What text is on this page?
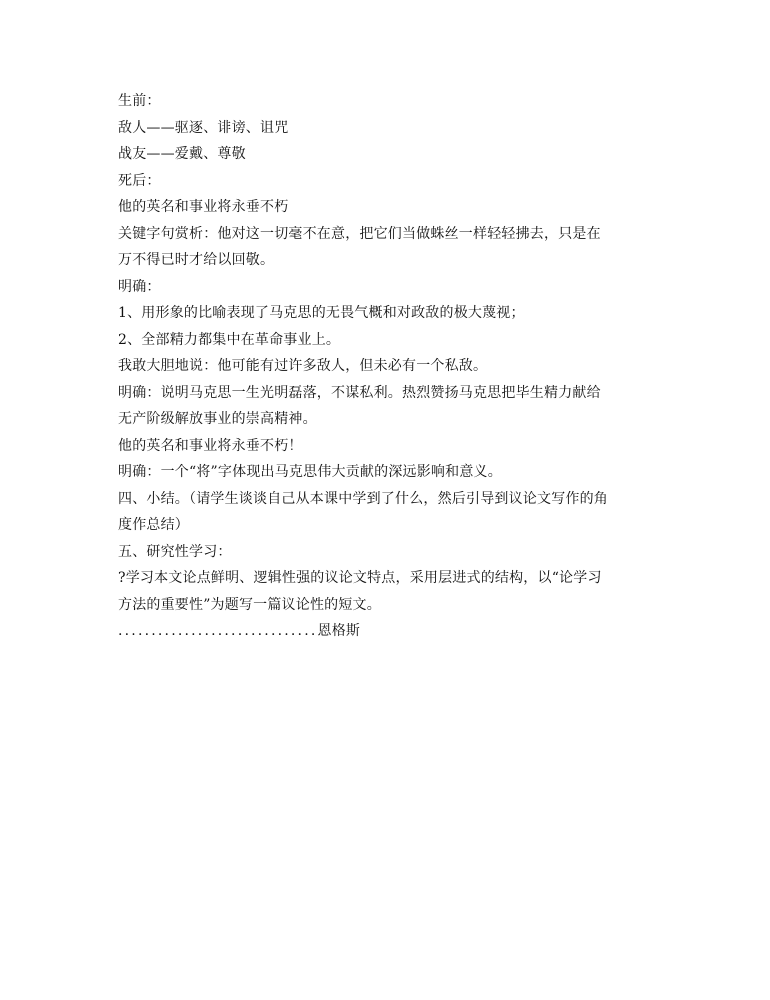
生前：
敌人——驱逐、诽谤、诅咒
战友——爱戴、尊敬
死后：
他的英名和事业将永垂不朽
关键字句赏析：他对这一切毫不在意，把它们当做蛛丝一样轻轻拂去，只是在
万不得已时才给以回敬。
明确：
1、用形象的比喻表现了马克思的无畏气概和对政敌的极大蔑视；
2、全部精力都集中在革命事业上。
我敢大胆地说：他可能有过许多敌人，但未必有一个私敌。
明确：说明马克思一生光明磊落，不谋私利。热烈赞扬马克思把毕生精力献给
无产阶级解放事业的崇高精神。
他的英名和事业将永垂不朽！
明确：一个“将”字体现出马克思伟大贡献的深远影响和意义。
四、小结。（请学生谈谈自己从本课中学到了什么，然后引导到议论文写作的角
度作总结）
五、研究性学习：
?学习本文论点鲜明、逻辑性强的议论文特点，采用层进式的结构，以“论学习
方法的重要性”为题写一篇议论性的短文。
..............................恩格斯
